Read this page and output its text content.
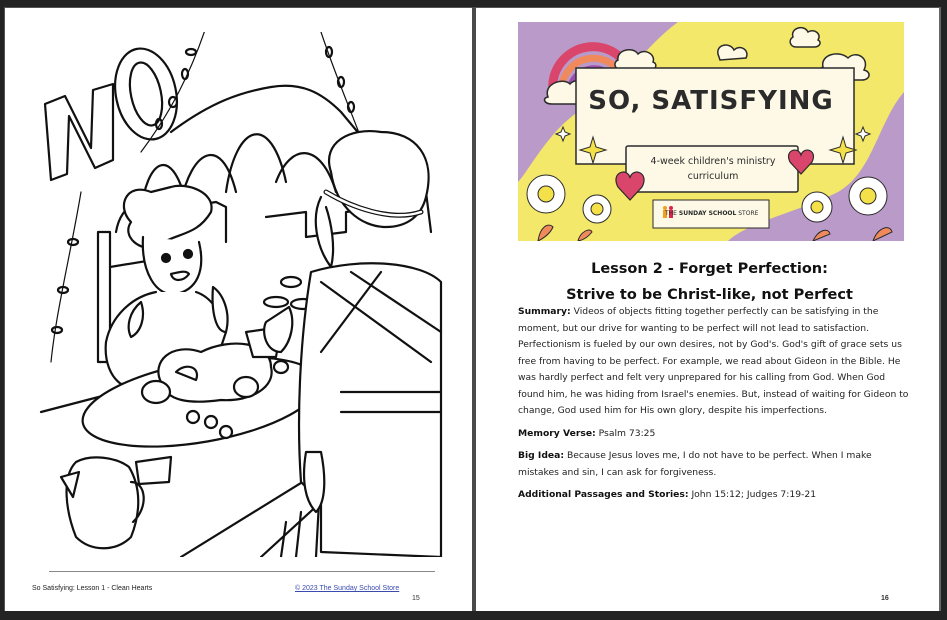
So Satisfying: Lesson 1 - Clean Hearts	© 2023 The Sunday School Store
15
SO, SATISFYING
4-week children's ministry
curriculum
THE SUNDAY SCHOOL STORE
Lesson 2 - Forget Perfection:
Strive to be Christ-like, not Perfect

Summary: Videos of objects fitting together perfectly can be satisfying in the moment, but our drive for wanting to be perfect will not lead to satisfaction. Perfectionism is fueled by our own desires, not by God's. God's gift of grace sets us free from having to be perfect. For example, we read about Gideon in the Bible. He was hardly perfect and felt very unprepared for his calling from God. When God found him, he was hiding from Israel's enemies. But, instead of waiting for Gideon to change, God used him for His own glory, despite his imperfections.

Memory Verse: Psalm 73:25

Big Idea: Because Jesus loves me, I do not have to be perfect. When I make mistakes and sin, I can ask for forgiveness.

Additional Passages and Stories: John 15:12; Judges 7:19-21

16
